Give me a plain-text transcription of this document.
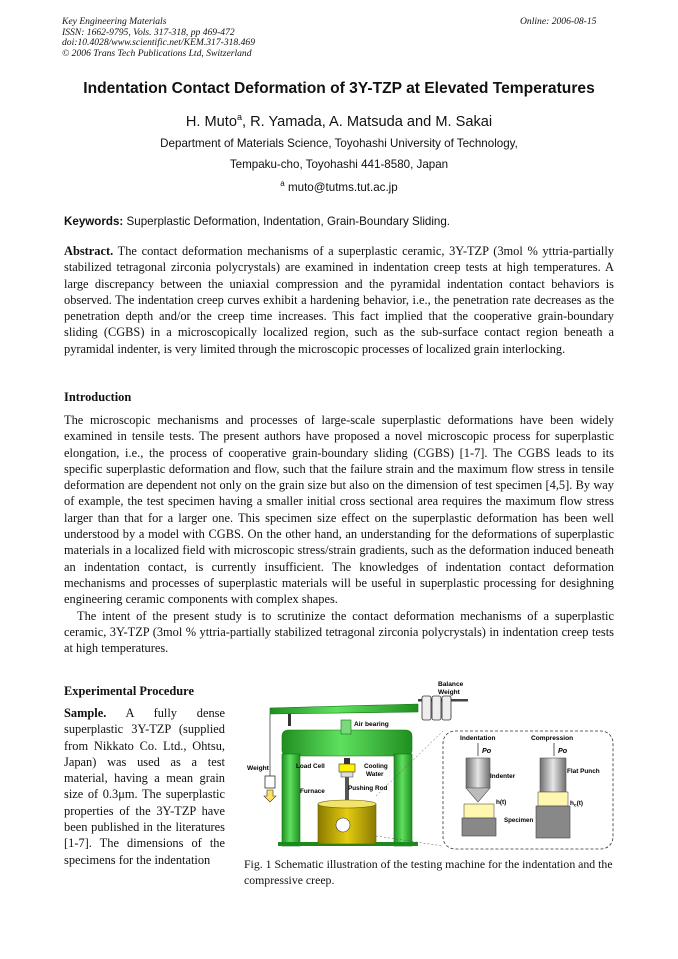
Key Engineering Materials
ISSN: 1662-9795, Vols. 317-318, pp 469-472
doi:10.4028/www.scientific.net/KEM.317-318.469
© 2006 Trans Tech Publications Ltd, Switzerland
Online: 2006-08-15
Indentation Contact Deformation of 3Y-TZP at Elevated Temperatures
H. Muto$^a$, R. Yamada, A. Matsuda and M. Sakai
Department of Materials Science, Toyohashi University of Technology,
Tempaku-cho, Toyohashi 441-8580, Japan
$^a$ muto@tutms.tut.ac.jp
Keywords: Superplastic Deformation, Indentation, Grain-Boundary Sliding.
Abstract. The contact deformation mechanisms of a superplastic ceramic, 3Y-TZP (3mol % yttria-partially stabilized tetragonal zirconia polycrystals) are examined in indentation creep tests at high temperatures. A large discrepancy between the uniaxial compression and the pyramidal indentation contact behaviors is observed. The indentation creep curves exhibit a hardening behavior, i.e., the penetration rate decreases as the penetration depth and/or the creep time increases. This fact implied that the cooperative grain-boundary sliding (CGBS) in a microscopically localized region, such as the sub-surface contact region beneath a pyramidal indenter, is very limited through the microscopic processes of localized grain interlocking.
Introduction
The microscopic mechanisms and processes of large-scale superplastic deformations have been widely examined in tensile tests. The present authors have proposed a novel microscopic process for superplastic elongation, i.e., the process of cooperative grain-boundary sliding (CGBS) [1-7]. The CGBS leads to its specific superplastic deformation and flow, such that the failure strain and the maximum flow stress in tensile deformation are dependent not only on the grain size but also on the dimension of test specimen [4,5]. By way of example, the test specimen having a smaller initial cross sectional area requires the maximum flow stress larger than that for a larger one. This specimen size effect on the superplastic deformation has been well understood by a model with CGBS. On the other hand, an understanding for the deformations of superplastic materials in a localized field with microscopic stress/strain gradients, such as the deformation induced beneath an indentation contact, is currently insufficient. The knowledges of indentation contact deformation mechanisms and processes of superplastic materials will be useful in superplastic processing for desighning engineering ceramic components with complex shapes.
The intent of the present study is to scrutinize the contact deformation mechanisms of a superplastic ceramic, 3Y-TZP (3mol % yttria-partially stabilized tetragonal zirconia polycrystals) in indentation creep tests at high temperatures.
Experimental Procedure
Sample. A fully dense superplastic 3Y-TZP (supplied from Nikkato Co. Ltd., Ohtsu, Japan) was used as a test material, having a mean grain size of 0.3μm. The superplastic properties of the 3Y-TZP have been published in the literatures [1-7]. The dimensions of the specimens for the indentation
Balance
Weight
Air bearing
Weight	Load Cell	Cooling
Water
Pushing Rod
Furnace
Indentation	Compression
Po	Po
Indenter
h(t)
Specimen
Flat Punch
$h_c(t)$
Fig. 1 Schematic illustration of the testing machine for the indentation and the compressive creep.
